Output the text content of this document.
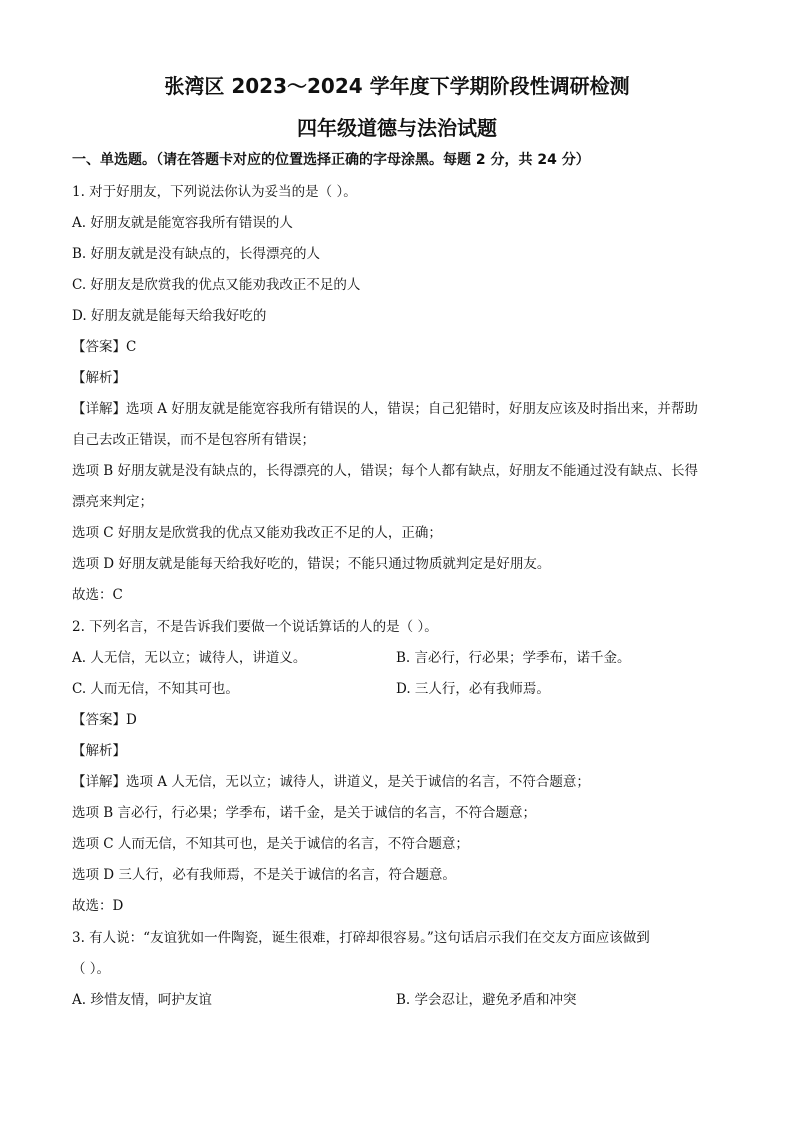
张湾区 2023～2024 学年度下学期阶段性调研检测
四年级道德与法治试题
一、单选题。（请在答题卡对应的位置选择正确的字母涂黑。每题 2 分，共 24 分）
1. 对于好朋友，下列说法你认为妥当的是（ ）。
A. 好朋友就是能宽容我所有错误的人
B. 好朋友就是没有缺点的，长得漂亮的人
C. 好朋友是欣赏我的优点又能劝我改正不足的人
D. 好朋友就是能每天给我好吃的
【答案】C
【解析】
【详解】选项 A 好朋友就是能宽容我所有错误的人，错误；自己犯错时，好朋友应该及时指出来，并帮助
自己去改正错误，而不是包容所有错误；
选项 B 好朋友就是没有缺点的，长得漂亮的人，错误；每个人都有缺点，好朋友不能通过没有缺点、长得
漂亮来判定；
选项 C 好朋友是欣赏我的优点又能劝我改正不足的人，正确；
选项 D 好朋友就是能每天给我好吃的，错误；不能只通过物质就判定是好朋友。
故选：C
2. 下列名言，不是告诉我们要做一个说话算话的人的是（ ）。
A. 人无信，无以立；诚待人，讲道义。	B. 言必行，行必果；学季布，诺千金。
C. 人而无信，不知其可也。	D. 三人行，必有我师焉。
【答案】D
【解析】
【详解】选项 A 人无信，无以立；诚待人，讲道义，是关于诚信的名言，不符合题意；
选项 B 言必行，行必果；学季布，诺千金，是关于诚信的名言，不符合题意；
选项 C 人而无信，不知其可也，是关于诚信的名言，不符合题意；
选项 D 三人行，必有我师焉，不是关于诚信的名言，符合题意。
故选：D
3. 有人说：“友谊犹如一件陶瓷，诞生很难，打碎却很容易。”这句话启示我们在交友方面应该做到
（ ）。
A. 珍惜友情，呵护友谊	B. 学会忍让，避免矛盾和冲突
